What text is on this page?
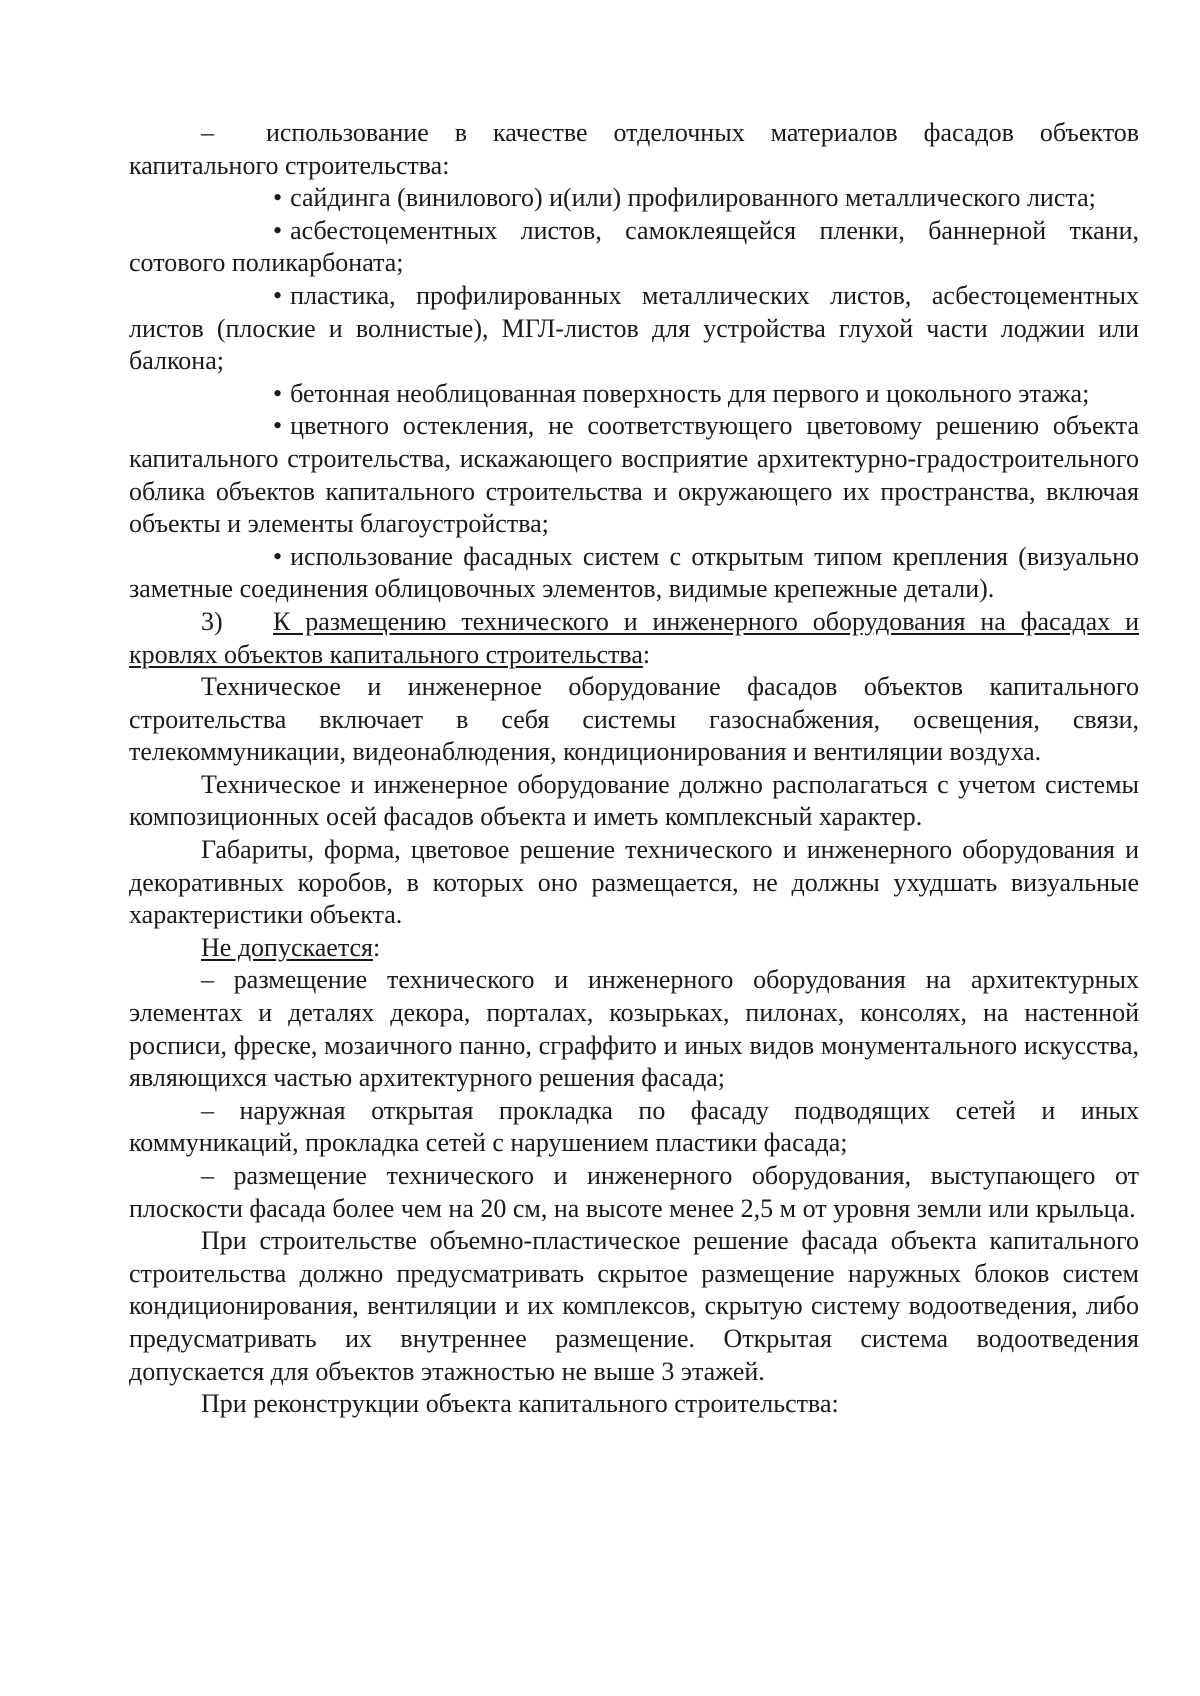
– использование в качестве отделочных материалов фасадов объектов капитального строительства:

• сайдинга (винилового) и(или) профилированного металлического листа;

• асбестоцементных листов, самоклеящейся пленки, баннерной ткани, сотового поликарбоната;

• пластика, профилированных металлических листов, асбестоцементных листов (плоские и волнистые), МГЛ-листов для устройства глухой части лоджии или балкона;

• бетонная необлицованная поверхность для первого и цокольного этажа;

• цветного остекления, не соответствующего цветовому решению объекта капитального строительства, искажающего восприятие архитектурно-градостроительного облика объектов капитального строительства и окружающего их пространства, включая объекты и элементы благоустройства;

• использование фасадных систем с открытым типом крепления (визуально заметные соединения облицовочных элементов, видимые крепежные детали).

3) К размещению технического и инженерного оборудования на фасадах и кровлях объектов капитального строительства:

Техническое и инженерное оборудование фасадов объектов капитального строительства включает в себя системы газоснабжения, освещения, связи, телекоммуникации, видеонаблюдения, кондиционирования и вентиляции воздуха.

Техническое и инженерное оборудование должно располагаться с учетом системы композиционных осей фасадов объекта и иметь комплексный характер.

Габариты, форма, цветовое решение технического и инженерного оборудования и декоративных коробов, в которых оно размещается, не должны ухудшать визуальные характеристики объекта.

Не допускается:

– размещение технического и инженерного оборудования на архитектурных элементах и деталях декора, порталах, козырьках, пилонах, консолях, на настенной росписи, фреске, мозаичного панно, сграффито и иных видов монументального искусства, являющихся частью архитектурного решения фасада;

– наружная открытая прокладка по фасаду подводящих сетей и иных коммуникаций, прокладка сетей с нарушением пластики фасада;

– размещение технического и инженерного оборудования, выступающего от плоскости фасада более чем на 20 см, на высоте менее 2,5 м от уровня земли или крыльца.

При строительстве объемно-пластическое решение фасада объекта капитального строительства должно предусматривать скрытое размещение наружных блоков систем кондиционирования, вентиляции и их комплексов, скрытую систему водоотведения, либо предусматривать их внутреннее размещение. Открытая система водоотведения допускается для объектов этажностью не выше 3 этажей.

При реконструкции объекта капитального строительства:
